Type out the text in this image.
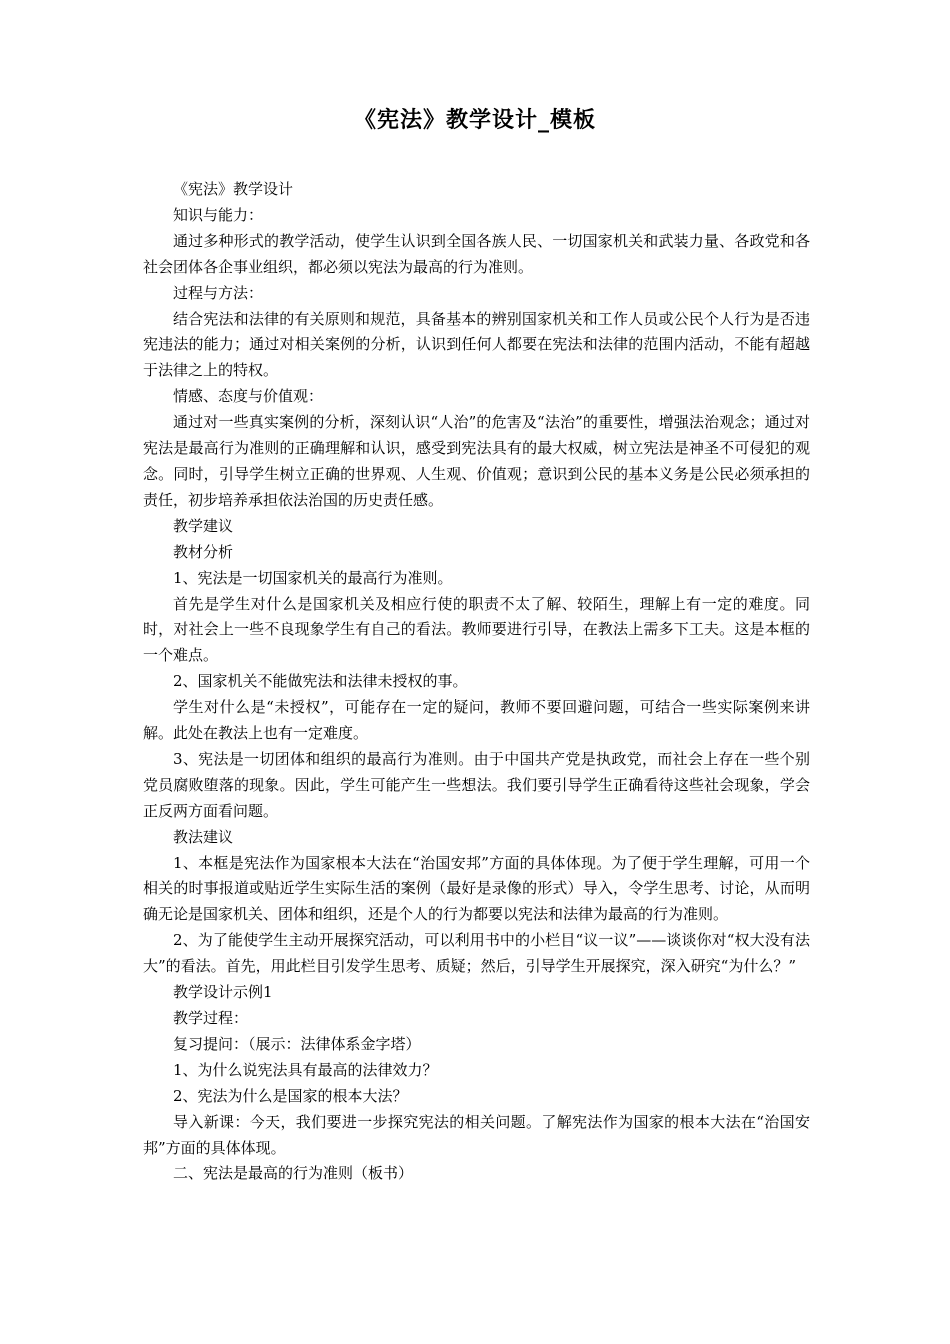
《宪法》教学设计_模板

《宪法》教学设计

知识与能力：

通过多种形式的教学活动，使学生认识到全国各族人民、一切国家机关和武装力量、各政党和各社会团体各企事业组织，都必须以宪法为最高的行为准则。

过程与方法：

结合宪法和法律的有关原则和规范，具备基本的辨别国家机关和工作人员或公民个人行为是否违宪违法的能力；通过对相关案例的分析，认识到任何人都要在宪法和法律的范围内活动，不能有超越于法律之上的特权。

情感、态度与价值观：

通过对一些真实案例的分析，深刻认识“人治”的危害及“法治”的重要性，增强法治观念；通过对宪法是最高行为准则的正确理解和认识，感受到宪法具有的最大权威，树立宪法是神圣不可侵犯的观念。同时，引导学生树立正确的世界观、人生观、价值观；意识到公民的基本义务是公民必须承担的责任，初步培养承担依法治国的历史责任感。

教学建议

教材分析

1、宪法是一切国家机关的最高行为准则。

首先是学生对什么是国家机关及相应行使的职责不太了解、较陌生，理解上有一定的难度。同时，对社会上一些不良现象学生有自己的看法。教师要进行引导，在教法上需多下工夫。这是本框的一个难点。

2、国家机关不能做宪法和法律未授权的事。

学生对什么是“未授权”，可能存在一定的疑问，教师不要回避问题，可结合一些实际案例来讲解。此处在教法上也有一定难度。

3、宪法是一切团体和组织的最高行为准则。由于中国共产党是执政党，而社会上存在一些个别党员腐败堕落的现象。因此，学生可能产生一些想法。我们要引导学生正确看待这些社会现象，学会正反两方面看问题。

教法建议

1、本框是宪法作为国家根本大法在“治国安邦”方面的具体体现。为了便于学生理解，可用一个相关的时事报道或贴近学生实际生活的案例（最好是录像的形式）导入，令学生思考、讨论，从而明确无论是国家机关、团体和组织，还是个人的行为都要以宪法和法律为最高的行为准则。

2、为了能使学生主动开展探究活动，可以利用书中的小栏目“议一议”——谈谈你对“权大没有法大”的看法。首先，用此栏目引发学生思考、质疑；然后，引导学生开展探究，深入研究“为什么？”

教学设计示例1

教学过程：

复习提问：（展示：法律体系金字塔）

1、为什么说宪法具有最高的法律效力？

2、宪法为什么是国家的根本大法？

导入新课：今天，我们要进一步探究宪法的相关问题。了解宪法作为国家的根本大法在“治国安邦”方面的具体体现。

二、宪法是最高的行为准则（板书）
